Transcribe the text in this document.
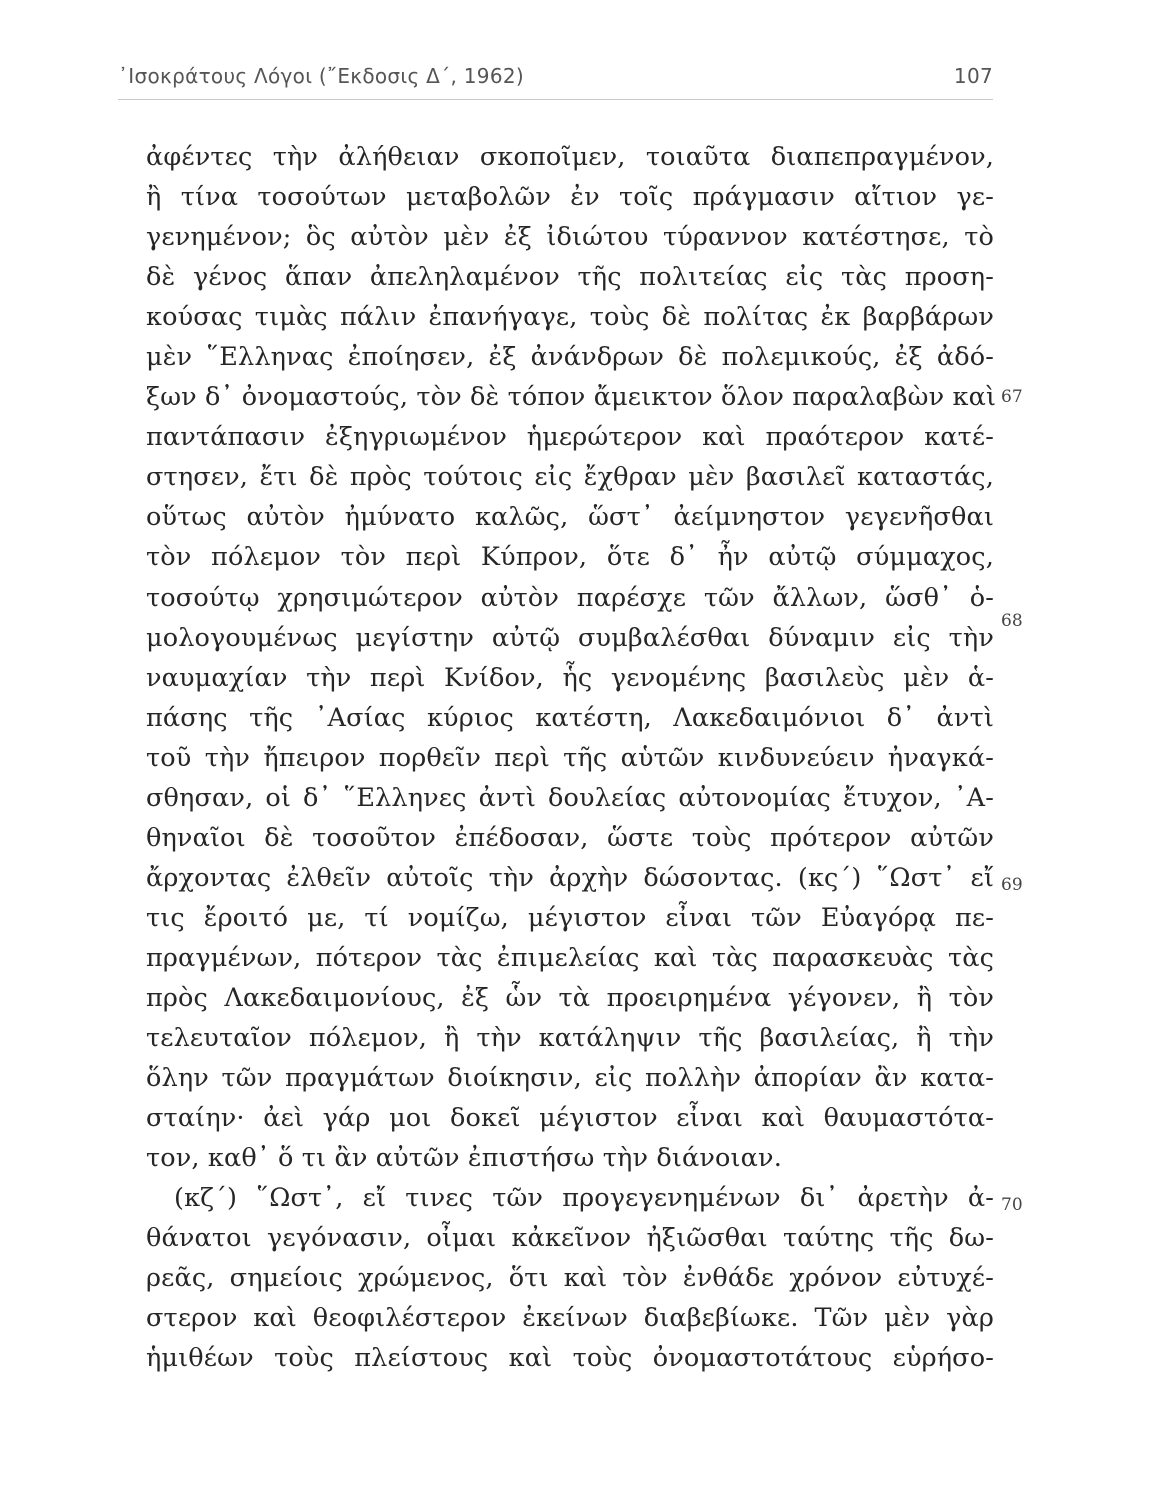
᾿Ισοκράτους Λόγοι (῎Εκδοσις Δ΄, 1962)	107
ἀφέντες τὴν ἀλήθειαν σκοποῖμεν, τοιαῦτα διαπεπραγμένον,
ἢ τίνα τοσούτων μεταβολῶν ἐν τοῖς πράγμασιν αἴτιον γε-
γενημένον; ὃς αὐτὸν μὲν ἐξ ἰδιώτου τύραννον κατέστησε, τὸ
δὲ γένος ἅπαν ἀπεληλαμένον τῆς πολιτείας εἰς τὰς προση-
κούσας τιμὰς πάλιν ἐπανήγαγε, τοὺς δὲ πολίτας ἐκ βαρβάρων
μὲν ῞Ελληνας ἐποίησεν, ἐξ ἀνάνδρων δὲ πολεμικούς, ἐξ ἀδό-
ξων δ᾿ ὀνομαστούς, τὸν δὲ τόπον ἄμεικτον ὅλον παραλαβὼν καὶ
παντάπασιν ἐξηγριωμένον ἡμερώτερον καὶ πραότερον κατέ-
στησεν, ἔτι δὲ πρὸς τούτοις εἰς ἔχθραν μὲν βασιλεῖ καταστάς,
οὕτως αὐτὸν ἠμύνατο καλῶς, ὥστ᾿ ἀείμνηστον γεγενῆσθαι
τὸν πόλεμον τὸν περὶ Κύπρον, ὅτε δ᾿ ἦν αὐτῷ σύμμαχος,
τοσούτῳ χρησιμώτερον αὐτὸν παρέσχε τῶν ἄλλων, ὥσθ᾿ ὁ-
μολογουμένως μεγίστην αὐτῷ συμβαλέσθαι δύναμιν εἰς τὴν
ναυμαχίαν τὴν περὶ Κνίδον, ἧς γενομένης βασιλεὺς μὲν ἁ-
πάσης τῆς ᾿Ασίας κύριος κατέστη, Λακεδαιμόνιοι δ᾿ ἀντὶ
τοῦ τὴν ἤπειρον πορθεῖν περὶ τῆς αὑτῶν κινδυνεύειν ἠναγκά-
σθησαν, οἱ δ᾿ ῞Ελληνες ἀντὶ δουλείας αὐτονομίας ἔτυχον, ᾿Α-
θηναῖοι δὲ τοσοῦτον ἐπέδοσαν, ὥστε τοὺς πρότερον αὐτῶν
ἄρχοντας ἐλθεῖν αὐτοῖς τὴν ἀρχὴν δώσοντας. (κς΄) ῞Ωστ᾿ εἴ
τις ἔροιτό με, τί νομίζω, μέγιστον εἶναι τῶν Εὐαγόρᾳ πε-
πραγμένων, πότερον τὰς ἐπιμελείας καὶ τὰς παρασκευὰς τὰς
πρὸς Λακεδαιμονίους, ἐξ ὧν τὰ προειρημένα γέγονεν, ἢ τὸν
τελευταῖον πόλεμον, ἢ τὴν κατάληψιν τῆς βασιλείας, ἢ τὴν
ὅλην τῶν πραγμάτων διοίκησιν, εἰς πολλὴν ἀπορίαν ἂν κατα-
σταίην· ἀεὶ γάρ μοι δοκεῖ μέγιστον εἶναι καὶ θαυμαστότα-
τον, καθ᾿ ὅ τι ἂν αὐτῶν ἐπιστήσω τὴν διάνοιαν.
(κζ΄) ῞Ωστ᾿, εἴ τινες τῶν προγεγενημένων δι᾿ ἀρετὴν ἀ-
θάνατοι γεγόνασιν, οἶμαι κἀκεῖνον ἠξιῶσθαι ταύτης τῆς δω-
ρεᾶς, σημείοις χρώμενος, ὅτι καὶ τὸν ἐνθάδε χρόνον εὐτυχέ-
στερον καὶ θεοφιλέστερον ἐκείνων διαβεβίωκε. Τῶν μὲν γὰρ
ἡμιθέων τοὺς πλείστους καὶ τοὺς ὀνομαστοτάτους εὑρήσο-
67
68
69
70
